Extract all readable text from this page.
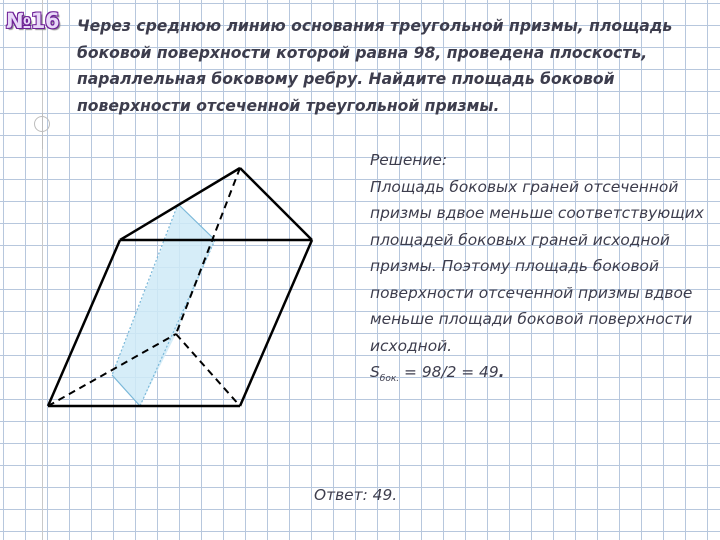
№16 Через среднюю линию основания треугольной призмы, площадь боковой поверхности которой равна 98, проведена плоскость, параллельная боковому ребру. Найдите площадь боковой поверхности отсеченной треугольной призмы.

Решение:

Площадь боковых граней отсеченной призмы вдвое меньше соответствующих площадей боковых граней исходной призмы. Поэтому площадь боковой поверхности отсеченной призмы вдвое меньше площади боковой поверхности исходной.

$S_{бок.} = 98/2 = 49$.

Ответ: 49.
